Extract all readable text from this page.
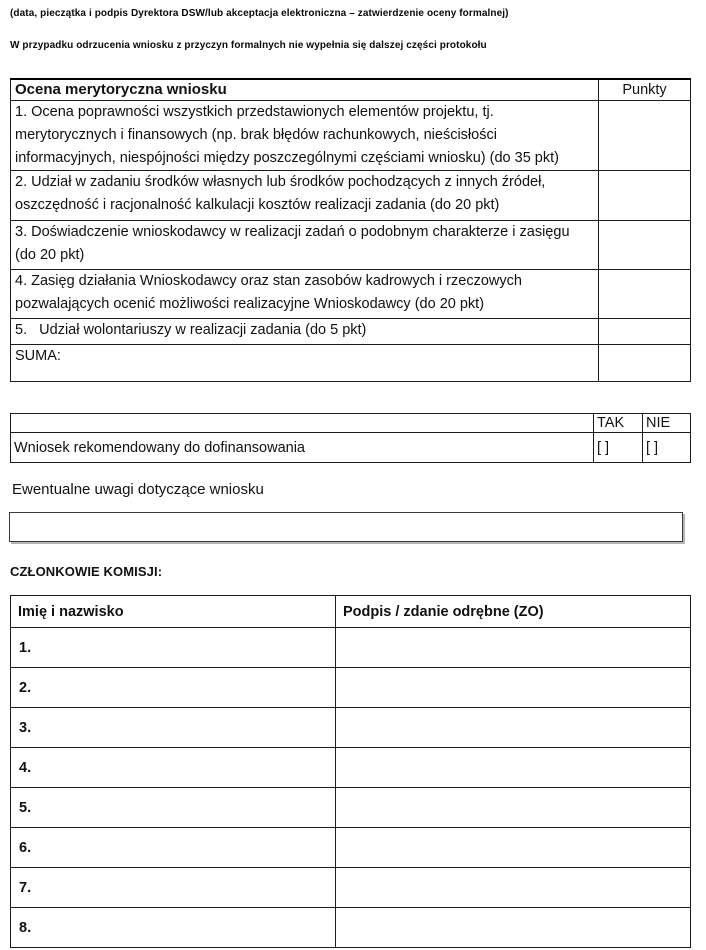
(data, pieczątka i podpis Dyrektora DSW/lub akceptacja elektroniczna – zatwierdzenie oceny formalnej)
W przypadku odrzucenia wniosku z przyczyn formalnych nie wypełnia się dalszej części protokołu
Ocena merytoryczna wniosku	Punkty

1. Ocena poprawności wszystkich przedstawionych elementów projektu, tj. merytorycznych i finansowych (np. brak błędów rachunkowych, nieścisłości informacyjnych, niespójności między poszczególnymi częściami wniosku) (do 35 pkt)	

2. Udział w zadaniu środków własnych lub środków pochodzących z innych źródeł, oszczędność i racjonalność kalkulacji kosztów realizacji zadania (do 20 pkt)	

3. Doświadczenie wnioskodawcy w realizacji zadań o podobnym charakterze i zasięgu (do 20 pkt)	

4. Zasięg działania Wnioskodawcy oraz stan zasobów kadrowych i rzeczowych pozwalających ocenić możliwości realizacyjne Wnioskodawcy (do 20 pkt)	

5.   Udział wolontariuszy w realizacji zadania (do 5 pkt)	

SUMA:	

	TAK	NIE

Wniosek rekomendowany do dofinansowania	[ ]	[ ]
Ewentualne uwagi dotyczące wniosku
CZŁONKOWIE KOMISJI:
Imię i nazwisko	Podpis / zdanie odrębne (ZO)

1.	

2.	

3.	

4.	

5.	

6.	

7.	

8.	
